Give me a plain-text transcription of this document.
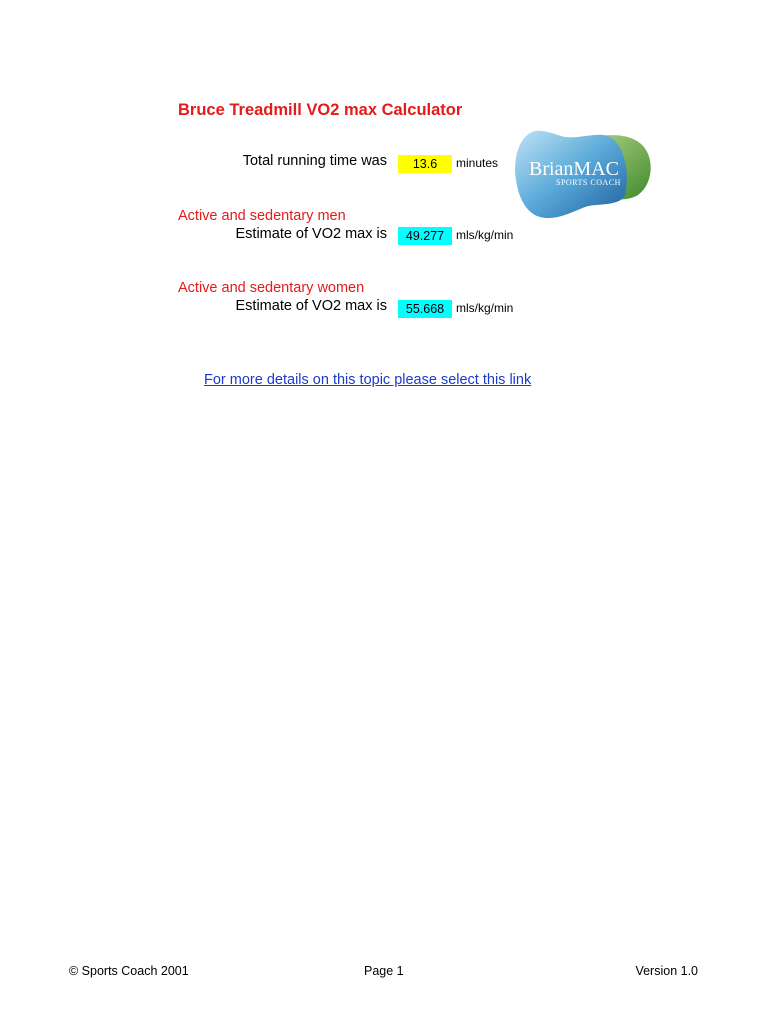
Bruce Treadmill VO2 max Calculator
Total running time was	13.6	minutes BrianMAC
SPORTS COACH
Active and sedentary men
Estimate of VO2 max is	49.277 mls/kg/min
Active and sedentary women
Estimate of VO2 max is	55.668 mls/kg/min
For more details on this topic please select this link
© Sports Coach 2001	Page 1	Version 1.0
